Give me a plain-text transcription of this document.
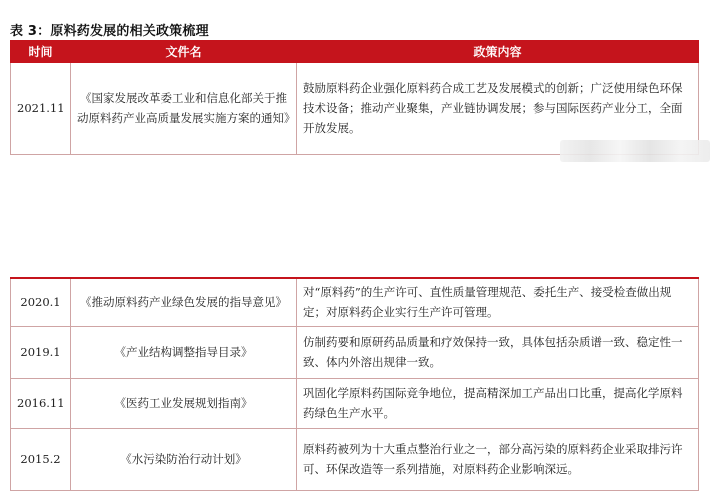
表 3：原料药发展的相关政策梳理
时间	文件名	政策内容
2021.11	《国家发展改革委工业和信息化部关于推动原料药产业高质量发展实施方案的通知》	鼓励原料药企业强化原料药合成工艺及发展模式的创新；广泛使用绿色环保技术设备；推动产业聚集，产业链协调发展；参与国际医药产业分工，全面开放发展。
2020.1	《推动原料药产业绿色发展的指导意见》	对“原料药”的生产许可、直性质量管理规范、委托生产、接受检查做出规定；对原料药企业实行生产许可管理。
2019.1	《产业结构调整指导目录》	仿制药要和原研药品质量和疗效保持一致，具体包括杂质谱一致、稳定性一致、体内外溶出规律一致。
2016.11	《医药工业发展规划指南》	巩固化学原料药国际竞争地位，提高精深加工产品出口比重，提高化学原料药绿色生产水平。
2015.2	《水污染防治行动计划》	原料药被列为十大重点整治行业之一，部分高污染的原料药企业采取排污许可、环保改造等一系列措施，对原料药企业影响深远。
